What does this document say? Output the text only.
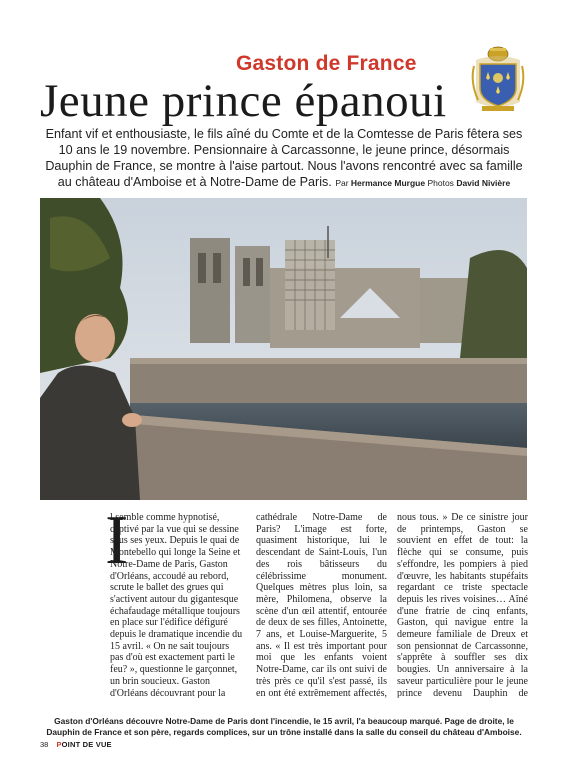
Gaston de France
Jeune prince épanoui
Enfant vif et enthousiaste, le fils aîné du Comte et de la Comtesse de Paris fêtera ses 10 ans le 19 novembre. Pensionnaire à Carcassonne, le jeune prince, désormais Dauphin de France, se montre à l'aise partout. Nous l'avons rencontré avec sa famille au château d'Amboise et à Notre-Dame de Paris. Par Hermance Murgue Photos David Nivière
I
l semble comme hypnotisé, captivé par la vue qui se dessine sous ses yeux. Depuis le quai de Montebello qui longe la Seine et Notre-Dame de Paris, Gaston d'Orléans, accoudé au rebord, scrute le ballet des grues qui s'activent autour du gigantesque échafaudage métallique toujours en place sur l'édifice défiguré depuis le dramatique incendie du 15 avril. « On ne sait toujours pas d'où est exactement parti le feu? », questionne le garçonnet, un brin soucieux. Gaston d'Orléans découvrant pour la
cathédrale Notre-Dame de Paris? L'image est forte, quasiment historique, lui le descendant de Saint-Louis, l'un des rois bâtisseurs du célébrissime monument. Quelques mètres plus loin, sa mère, Philomena, observe la scène d'un œil attentif, entourée de deux de ses filles, Antoinette, 7 ans, et Louise-Marguerite, 5 ans. « Il est très important pour moi que les enfants voient Notre-Dame, car ils ont suivi de très près ce qu'il s'est passé, ils en ont été extrêmement affectés,
nous tous. » De ce sinistre jour de printemps, Gaston se souvient en effet de tout: la flèche qui se consume, puis s'effondre, les pompiers à pied d'œuvre, les habitants stupéfaits regardant ce triste spectacle depuis les rives voisines… Aîné d'une fratrie de cinq enfants, Gaston, qui navigue entre la demeure familiale de Dreux et son pensionnat de Carcassonne, s'apprête à souffler ses dix bougies. Un anniversaire à la saveur particulière pour le jeune prince devenu Dauphin de
Gaston d'Orléans découvre Notre-Dame de Paris dont l'incendie, le 15 avril, l'a beaucoup marqué. Page de droite, le Dauphin de France et son père, regards complices, sur un trône installé dans la salle du conseil du château d'Amboise.
38 POINT DE VUE
